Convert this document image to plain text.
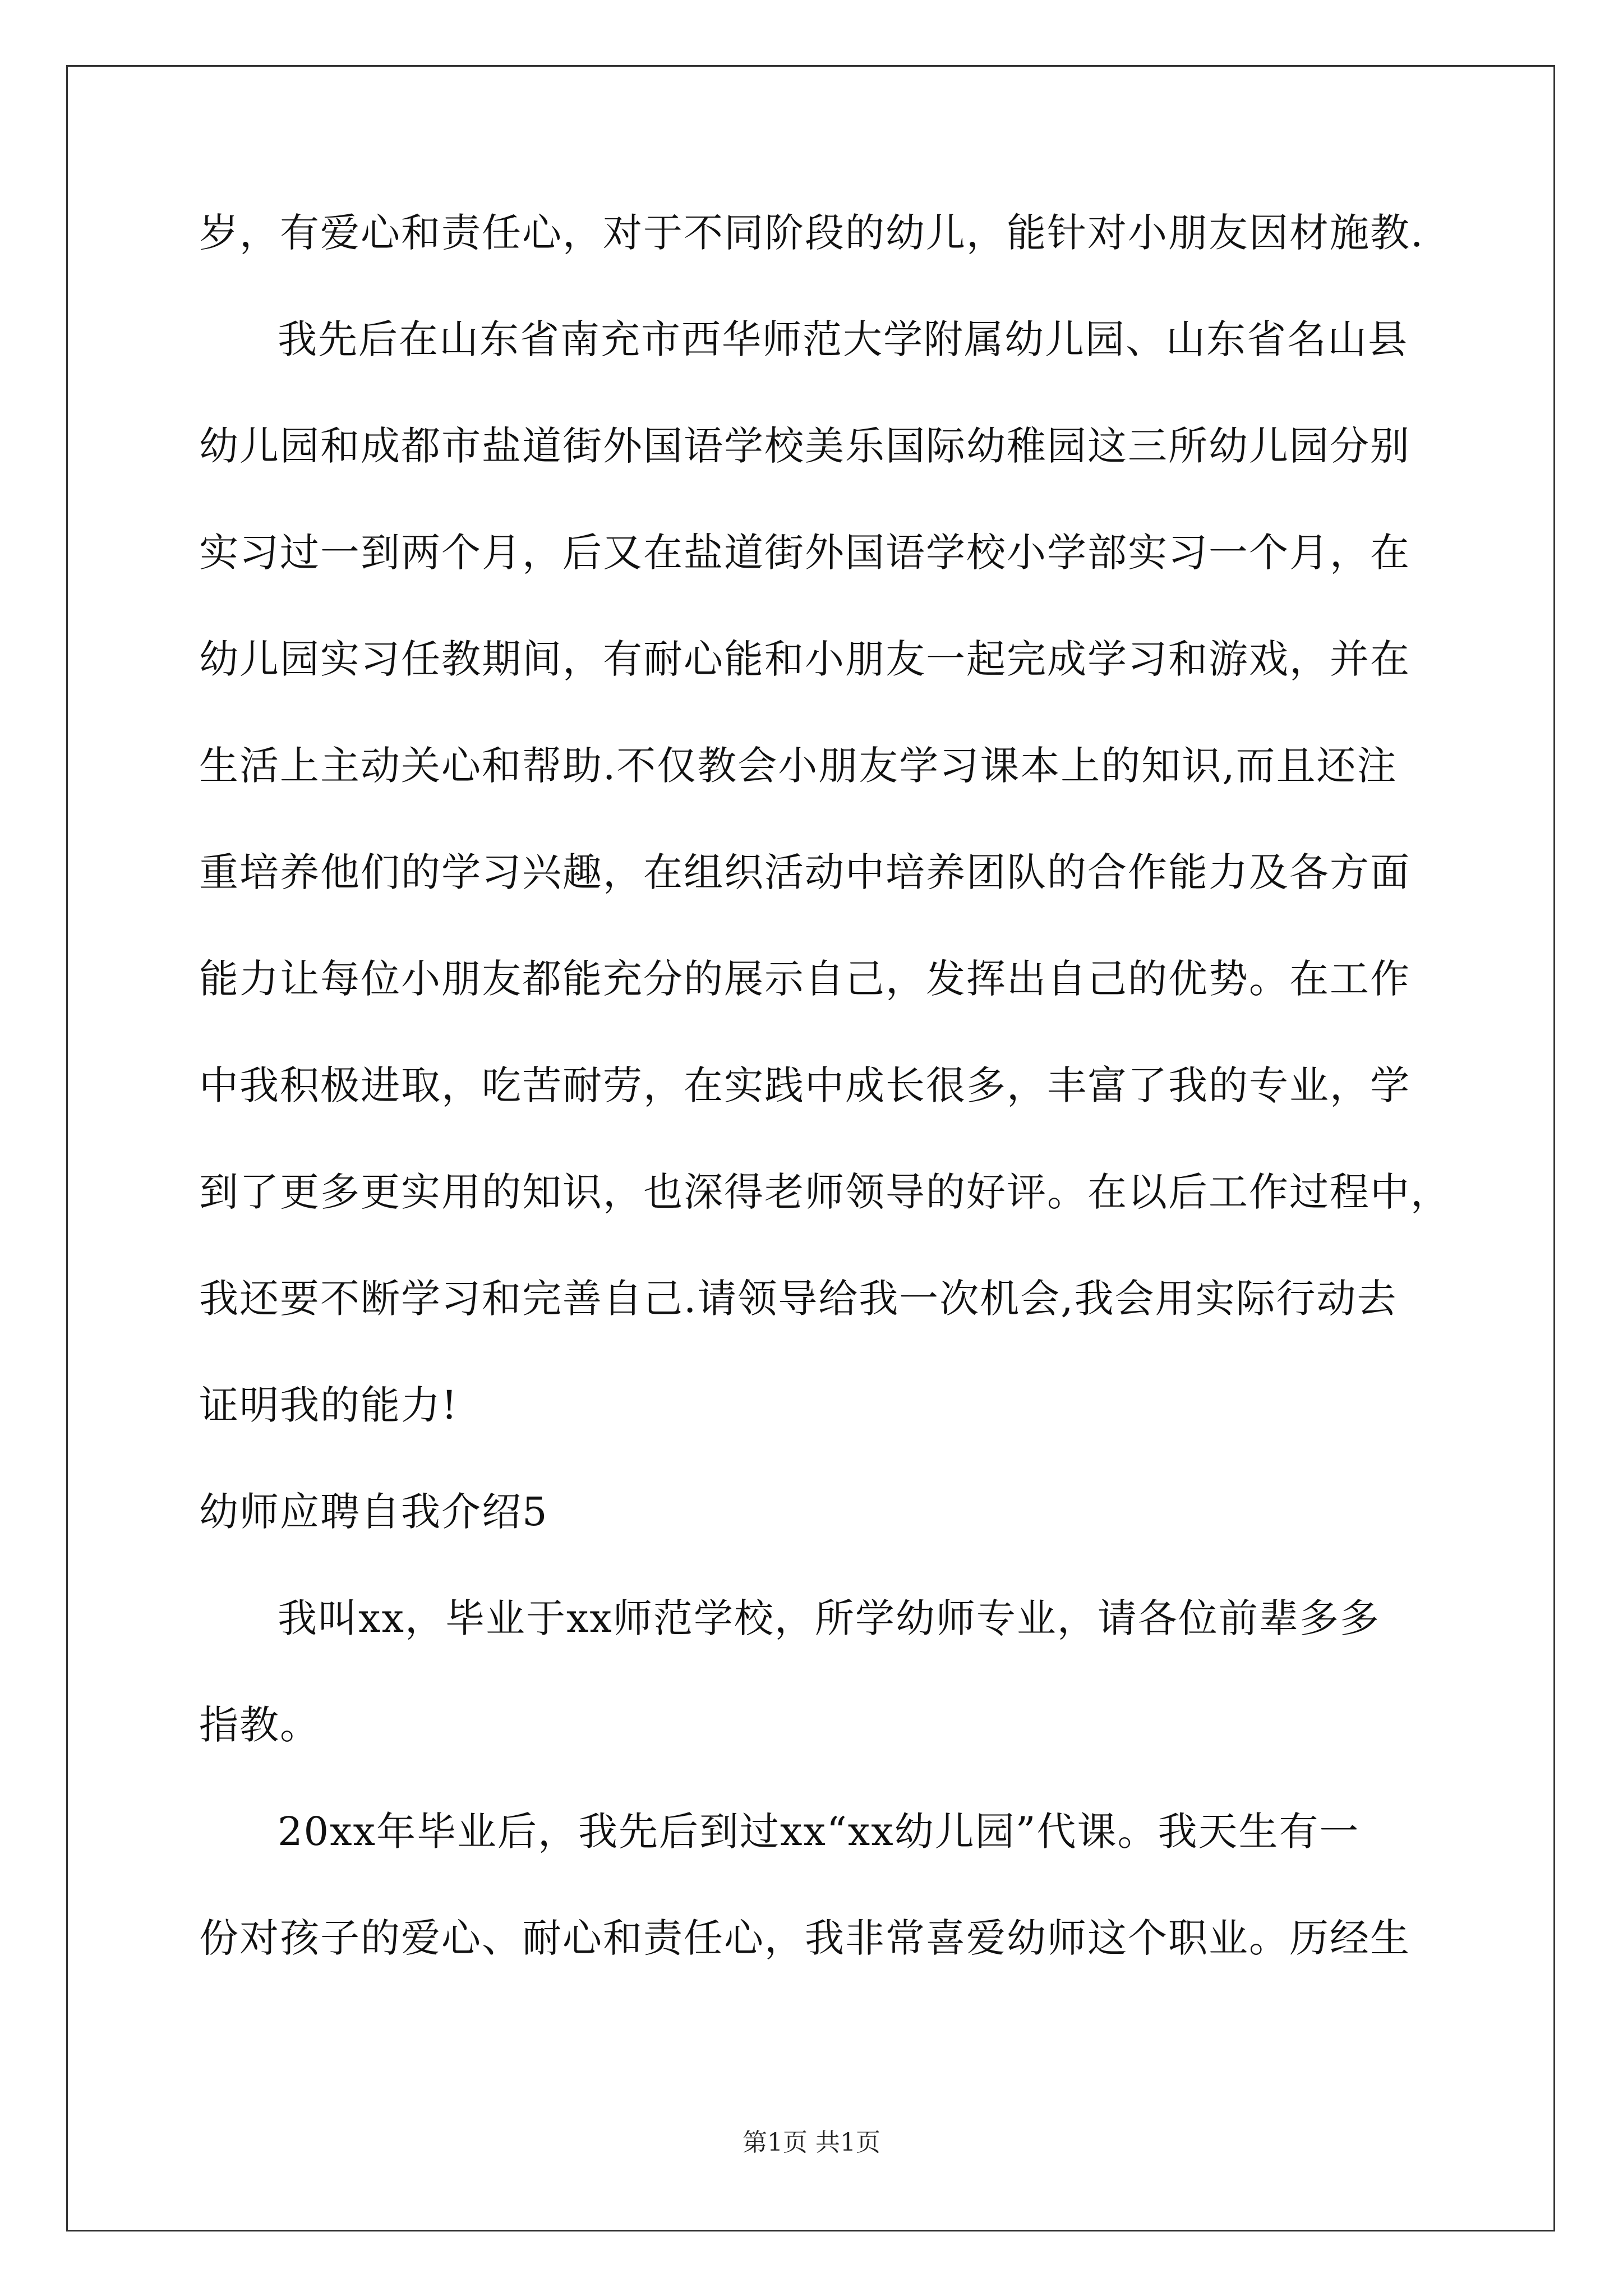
岁，有爱心和责任心，对于不同阶段的幼儿，能针对小朋友因材施教.
我先后在山东省南充市西华师范大学附属幼儿园、山东省名山县
幼儿园和成都市盐道街外国语学校美乐国际幼稚园这三所幼儿园分别
实习过一到两个月，后又在盐道街外国语学校小学部实习一个月，在
幼儿园实习任教期间，有耐心能和小朋友一起完成学习和游戏，并在
生活上主动关心和帮助.不仅教会小朋友学习课本上的知识,而且还注
重培养他们的学习兴趣，在组织活动中培养团队的合作能力及各方面
能力让每位小朋友都能充分的展示自己，发挥出自己的优势。在工作
中我积极进取，吃苦耐劳，在实践中成长很多，丰富了我的专业，学
到了更多更实用的知识，也深得老师领导的好评。在以后工作过程中，
我还要不断学习和完善自己.请领导给我一次机会,我会用实际行动去
证明我的能力!
幼师应聘自我介绍5
我叫xx，毕业于xx师范学校，所学幼师专业，请各位前辈多多
指教。
20xx年毕业后，我先后到过xx“xx幼儿园”代课。我天生有一
份对孩子的爱心、耐心和责任心，我非常喜爱幼师这个职业。历经生
第1页 共1页
